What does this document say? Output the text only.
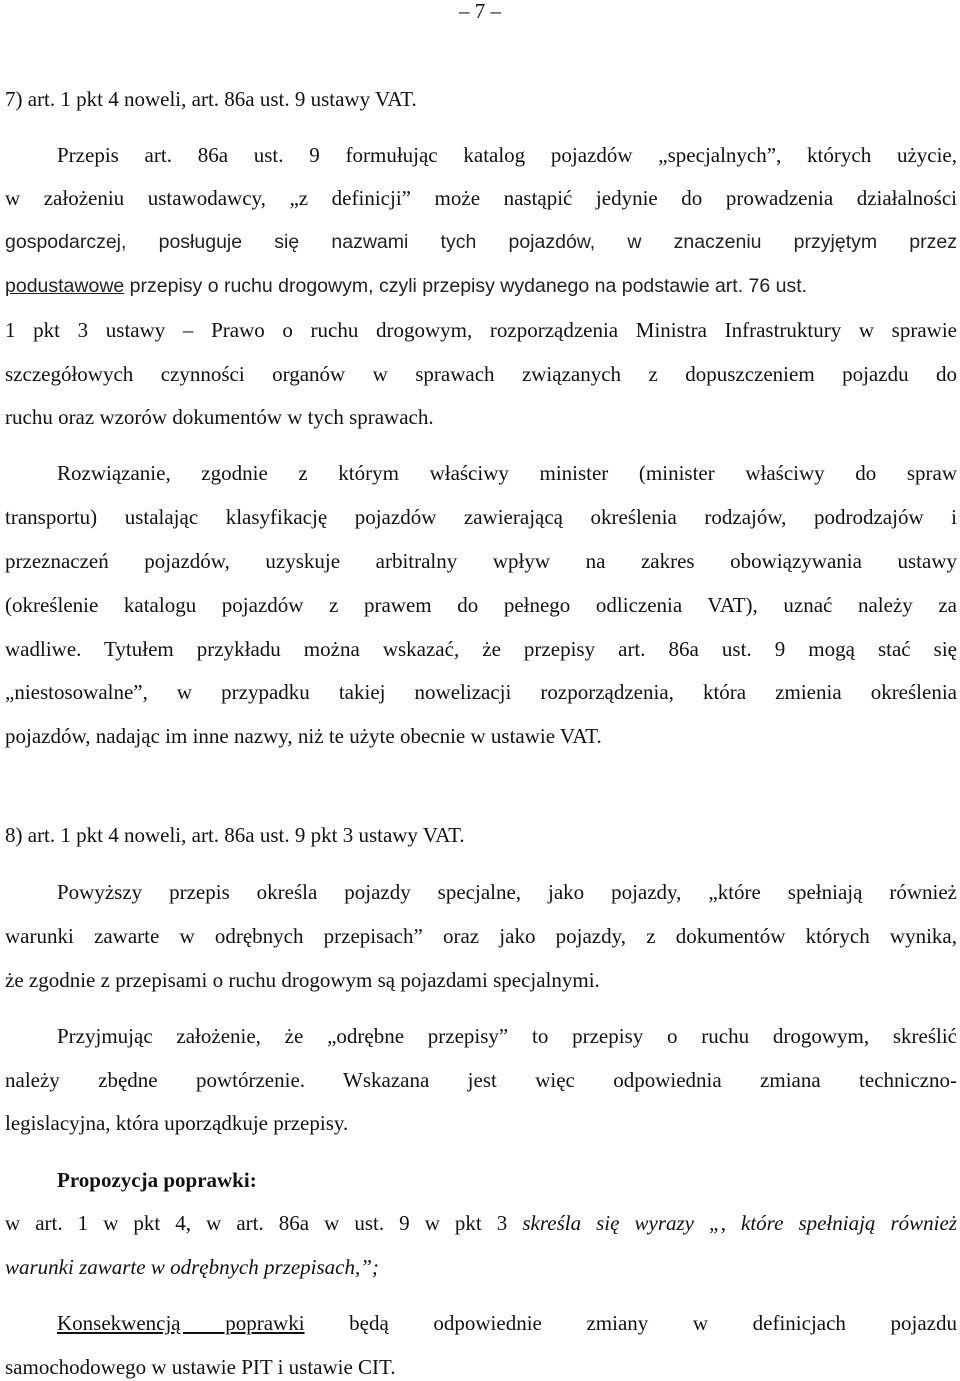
– 7 –
7) art. 1 pkt 4 noweli, art. 86a ust. 9 ustawy VAT.
Przepis art. 86a ust. 9 formułując katalog pojazdów „specjalnych”, których użycie,
w założeniu ustawodawcy, „z definicji” może nastąpić jedynie do prowadzenia działalności
gospodarczej, posługuje się nazwami tych pojazdów, w znaczeniu przyjętym przez
podustawowe przepisy o ruchu drogowym, czyli przepisy wydanego na podstawie art. 76 ust.
1 pkt 3 ustawy – Prawo o ruchu drogowym, rozporządzenia Ministra Infrastruktury w sprawie
szczegółowych czynności organów w sprawach związanych z dopuszczeniem pojazdu do
ruchu oraz wzorów dokumentów w tych sprawach.
Rozwiązanie, zgodnie z którym właściwy minister (minister właściwy do spraw
transportu) ustalając klasyfikację pojazdów zawierającą określenia rodzajów, podrodzajów i
przeznaczeń pojazdów, uzyskuje arbitralny wpływ na zakres obowiązywania ustawy
(określenie katalogu pojazdów z prawem do pełnego odliczenia VAT), uznać należy za
wadliwe. Tytułem przykładu można wskazać, że przepisy art. 86a ust. 9 mogą stać się
„niestosowalne”, w przypadku takiej nowelizacji rozporządzenia, która zmienia określenia
pojazdów, nadając im inne nazwy, niż te użyte obecnie w ustawie VAT.
8) art. 1 pkt 4 noweli, art. 86a ust. 9 pkt 3 ustawy VAT.
Powyższy przepis określa pojazdy specjalne, jako pojazdy, „które spełniają również
warunki zawarte w odrębnych przepisach” oraz jako pojazdy, z dokumentów których wynika,
że zgodnie z przepisami o ruchu drogowym są pojazdami specjalnymi.
Przyjmując założenie, że „odrębne przepisy” to przepisy o ruchu drogowym, skreślić
należy zbędne powtórzenie. Wskazana jest więc odpowiednia zmiana techniczno-
legislacyjna, która uporządkuje przepisy.
Propozycja poprawki:
w art. 1 w pkt 4, w art. 86a w ust. 9 w pkt 3 skreśla się wyrazy „, które spełniają również
warunki zawarte w odrębnych przepisach,”;
Konsekwencją poprawki będą odpowiednie zmiany w definicjach pojazdu
samochodowego w ustawie PIT i ustawie CIT.
